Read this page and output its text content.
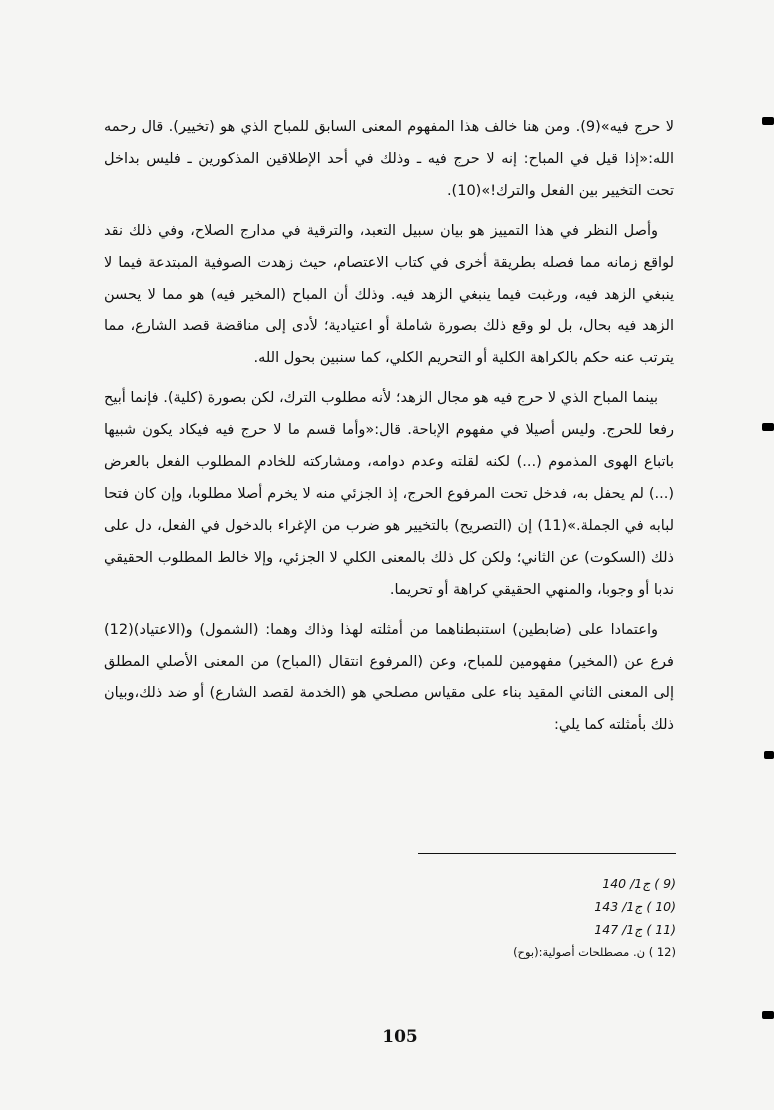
لا حرج فيه»(9). ومن هنا خالف هذا المفهوم المعنى السابق للمباح الذي هو (تخيير). قال رحمه الله:«إذا قيل في المباح: إنه لا حرج فيه ـ وذلك في أحد الإطلاقين المذكورين ـ فليس بداخل تحت التخيير بين الفعل والترك!»(10).

وأصل النظر في هذا التمييز هو بيان سبيل التعبد، والترقية في مدارج الصلاح، وفي ذلك نقد لواقع زمانه مما فصله بطريقة أخرى في كتاب الاعتصام، حيث زهدت الصوفية المبتدعة فيما لا ينبغي الزهد فيه، ورغبت فيما ينبغي الزهد فيه. وذلك أن المباح (المخير فيه) هو مما لا يحسن الزهد فيه بحال، بل لو وقع ذلك بصورة شاملة أو اعتيادية؛ لأدى إلى مناقضة قصد الشارع، مما يترتب عنه حكم بالكراهة الكلية أو التحريم الكلي، كما سنبين بحول الله.

بينما المباح الذي لا حرج فيه هو مجال الزهد؛ لأنه مطلوب الترك، لكن بصورة (كلية). فإنما أبيح رفعا للحرج. وليس أصيلا في مفهوم الإباحة. قال:«وأما قسم ما لا حرج فيه فيكاد يكون شبيها باتباع الهوى المذموم (...) لكنه لقلته وعدم دوامه، ومشاركته للخادم المطلوب الفعل بالعرض (...) لم يحفل به، فدخل تحت المرفوع الحرج، إذ الجزئي منه لا يخرم أصلا مطلوبا، وإن كان فتحا لبابه في الجملة.»(11) إن (التصريح) بالتخيير هو ضرب من الإغراء بالدخول في الفعل، دل على ذلك (السكوت) عن الثاني؛ ولكن كل ذلك بالمعنى الكلي لا الجزئي، وإلا خالط المطلوب الحقيقي ندبا أو وجوبا، والمنهي الحقيقي كراهة أو تحريما.

واعتمادا على (ضابطين) استنبطناهما من أمثلته لهذا وذاك وهما: (الشمول) و(الاعتياد)(12) فرع عن (المخير) مفهومين للمباح، وعن (المرفوع انتقال (المباح) من المعنى الأصلي المطلق إلى المعنى الثاني المقيد بناء على مقياس مصلحي هو (الخدمة لقصد الشارع) أو ضد ذلك،وبيان ذلك بأمثلته كما يلي:

(9 ) ج1/ 140
(10 ) ج1/ 143
(11 ) ج1/ 147
(12 ) ن. مصطلحات أصولية:(بوح)
105
